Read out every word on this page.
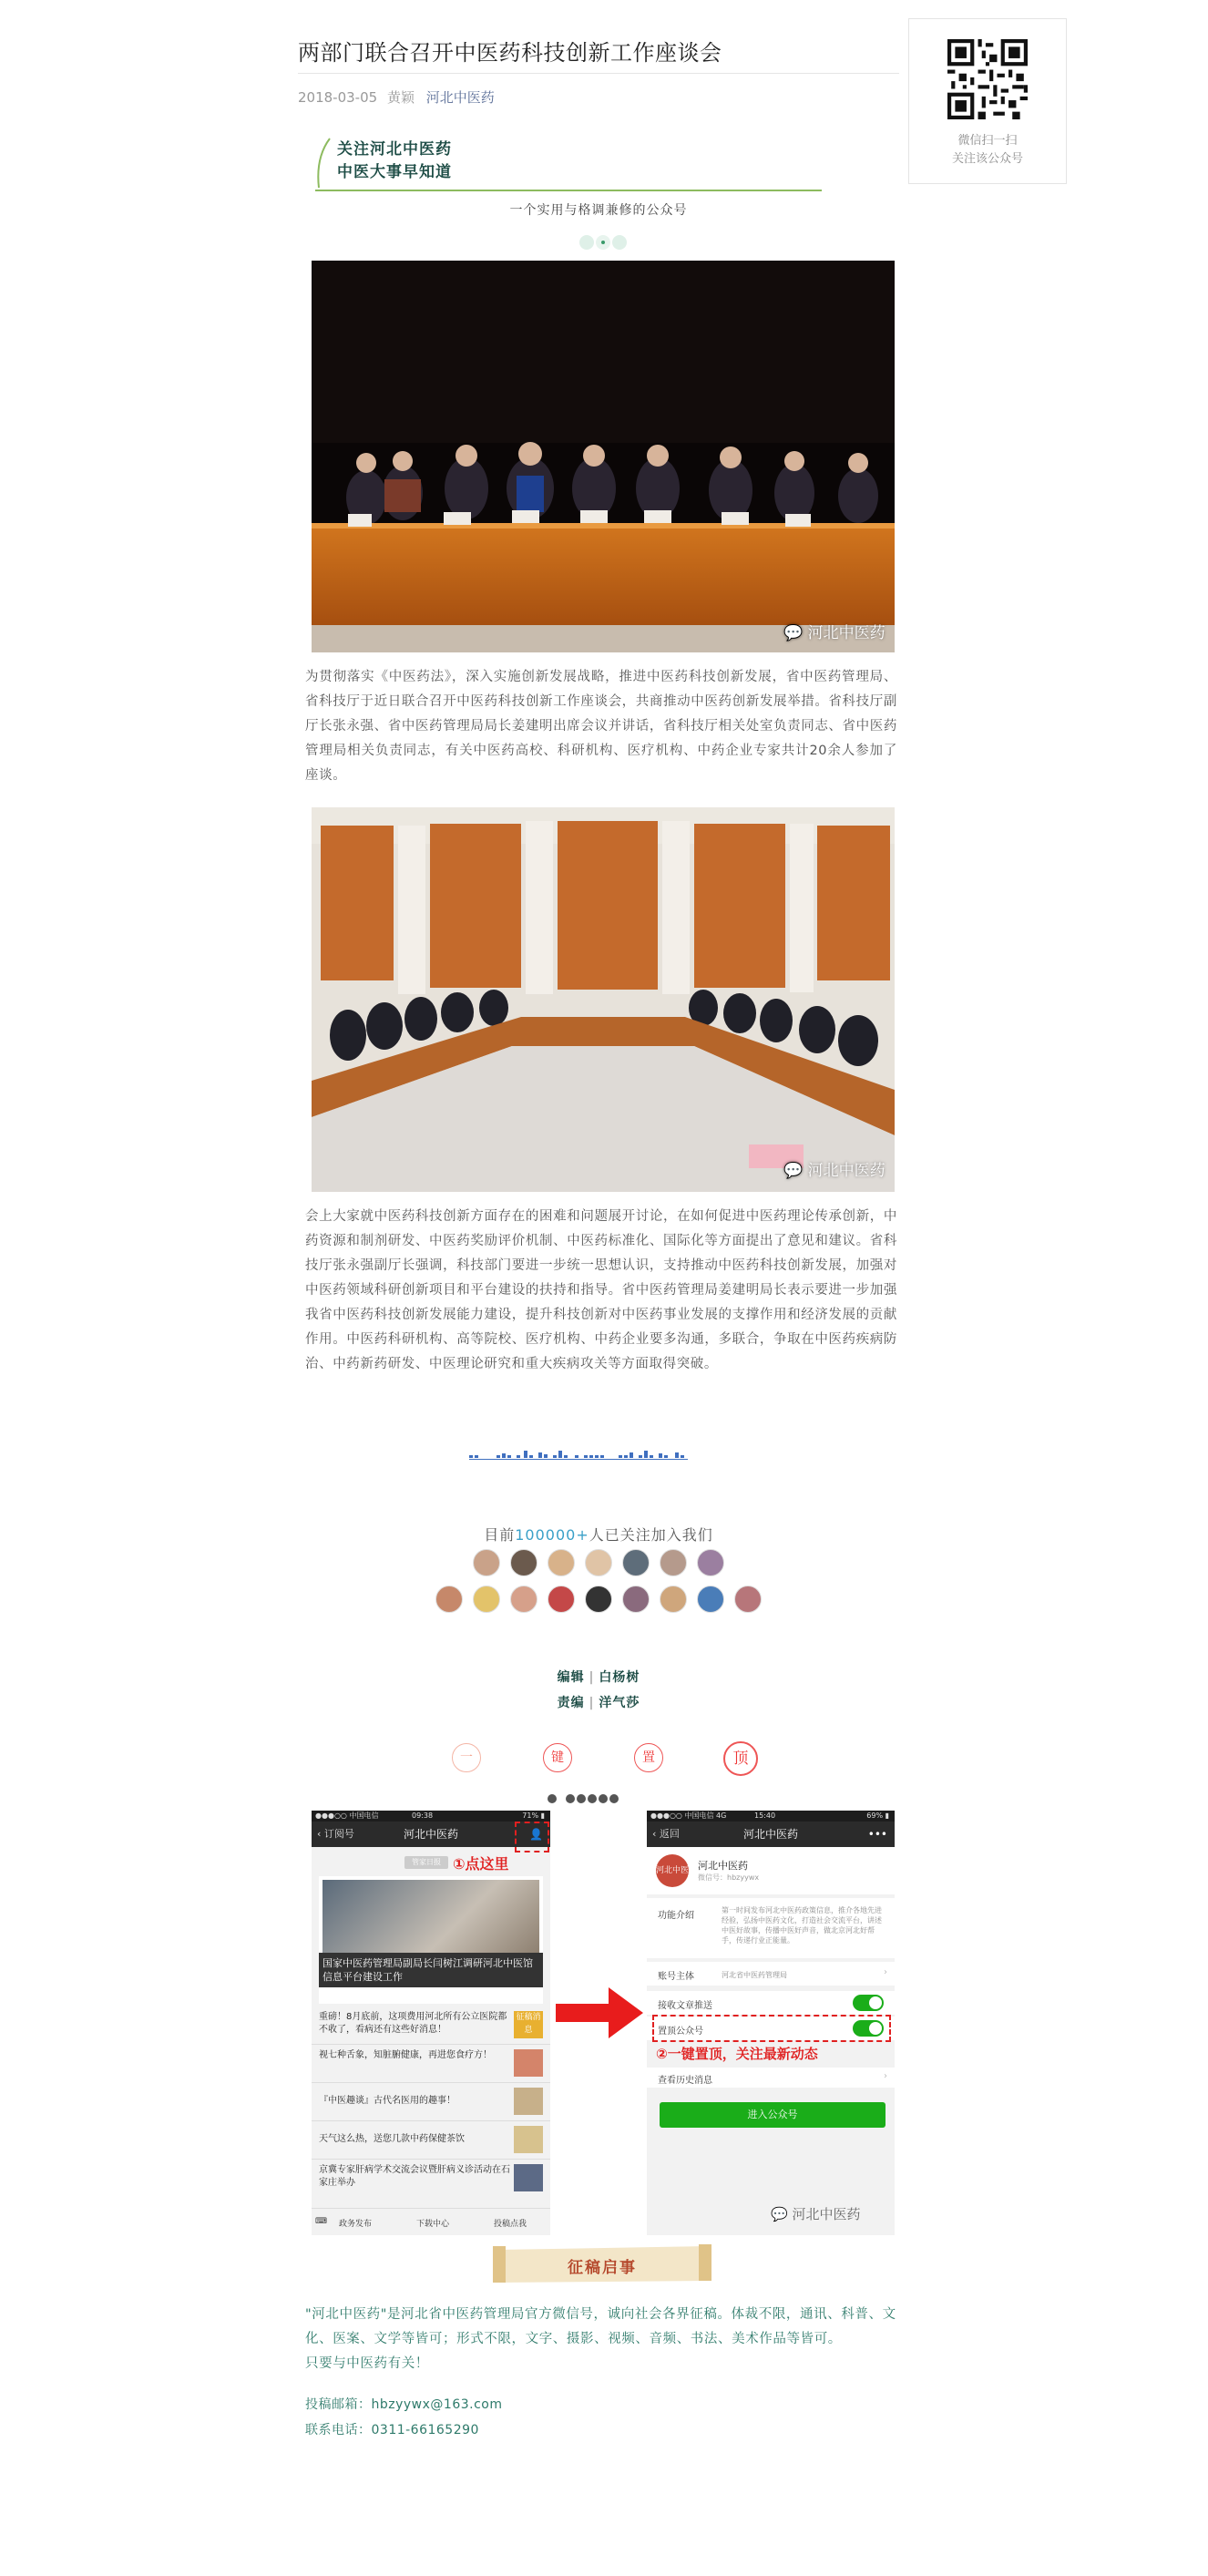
两部门联合召开中医药科技创新工作座谈会
2018-03-05 黄颖 河北中医药
微信扫一扫
关注该公众号
关注河北中医药
中医大事早知道
一个实用与格调兼修的公众号
💬 河北中医药
为贯彻落实《中医药法》，深入实施创新发展战略，推进中医药科技创新发展，省中医药管理局、省科技厅于近日联合召开中医药科技创新工作座谈会，共商推动中医药创新发展举措。省科技厅副厅长张永强、省中医药管理局局长姜建明出席会议并讲话，省科技厅相关处室负责同志、省中医药管理局相关负责同志，有关中医药高校、科研机构、医疗机构、中药企业专家共计20余人参加了座谈。
💬 河北中医药
会上大家就中医药科技创新方面存在的困难和问题展开讨论，在如何促进中医药理论传承创新，中药资源和制剂研发、中医药奖励评价机制、中医药标准化、国际化等方面提出了意见和建议。省科技厅张永强副厅长强调，科技部门要进一步统一思想认识，支持推动中医药科技创新发展，加强对中医药领域科研创新项目和平台建设的扶持和指导。省中医药管理局姜建明局长表示要进一步加强我省中医药科技创新发展能力建设，提升科技创新对中医药事业发展的支撑作用和经济发展的贡献作用。中医药科研机构、高等院校、医疗机构、中药企业要多沟通，多联合，争取在中医药疾病防治、中药新药研发、中医理论研究和重大疾病攻关等方面取得突破。
目前100000+人已关注加入我们

编辑 | 白杨树
责编 | 洋气莎
一	键	置	顶
●●●○○ 中国电信	09:38	71% ▮
‹ 订阅号	河北中医药	👤
管家日报 ①点这里
国家中医药管理局副局长闫树江调研河北中医馆信息平台建设工作
重磅！8月底前，这项费用河北所有公立医院都不收了，看病还有这些好消息！
征稿消息
视七种舌象，知脏腑健康，再进您食疗方！
『中医趣谈』古代名医用的趣事！
天气这么热，送您几款中药保健茶饮
京冀专家肝病学术交流会议暨肝病义诊活动在石家庄举办
⌨ 政务发布	下载中心	投稿点我
●●●○○ 中国电信 4G	15:40	69% ▮
‹ 返回	河北中医药	•••
河北中医 河北中医药
微信号：hbzyywx
功能介绍
第一时间发布河北中医药政策信息，推介各地先进经验，弘扬中医药文化，打造社会交流平台，讲述中医好故事，传播中医好声音，做北京河北好帮手，传递行业正能量。
账号主体	河北省中医药管理局	›
接收文章推送
置顶公众号
②一键置顶，关注最新动态
查看历史消息	›
进入公众号
💬 河北中医药
征稿启事
"河北中医药"是河北省中医药管理局官方微信号，诚向社会各界征稿。体裁不限，通讯、科普、文化、医案、文学等皆可；形式不限，文字、摄影、视频、音频、书法、美术作品等皆可。
只要与中医药有关！
投稿邮箱：hbzyywx@163.com
联系电话：0311-66165290
